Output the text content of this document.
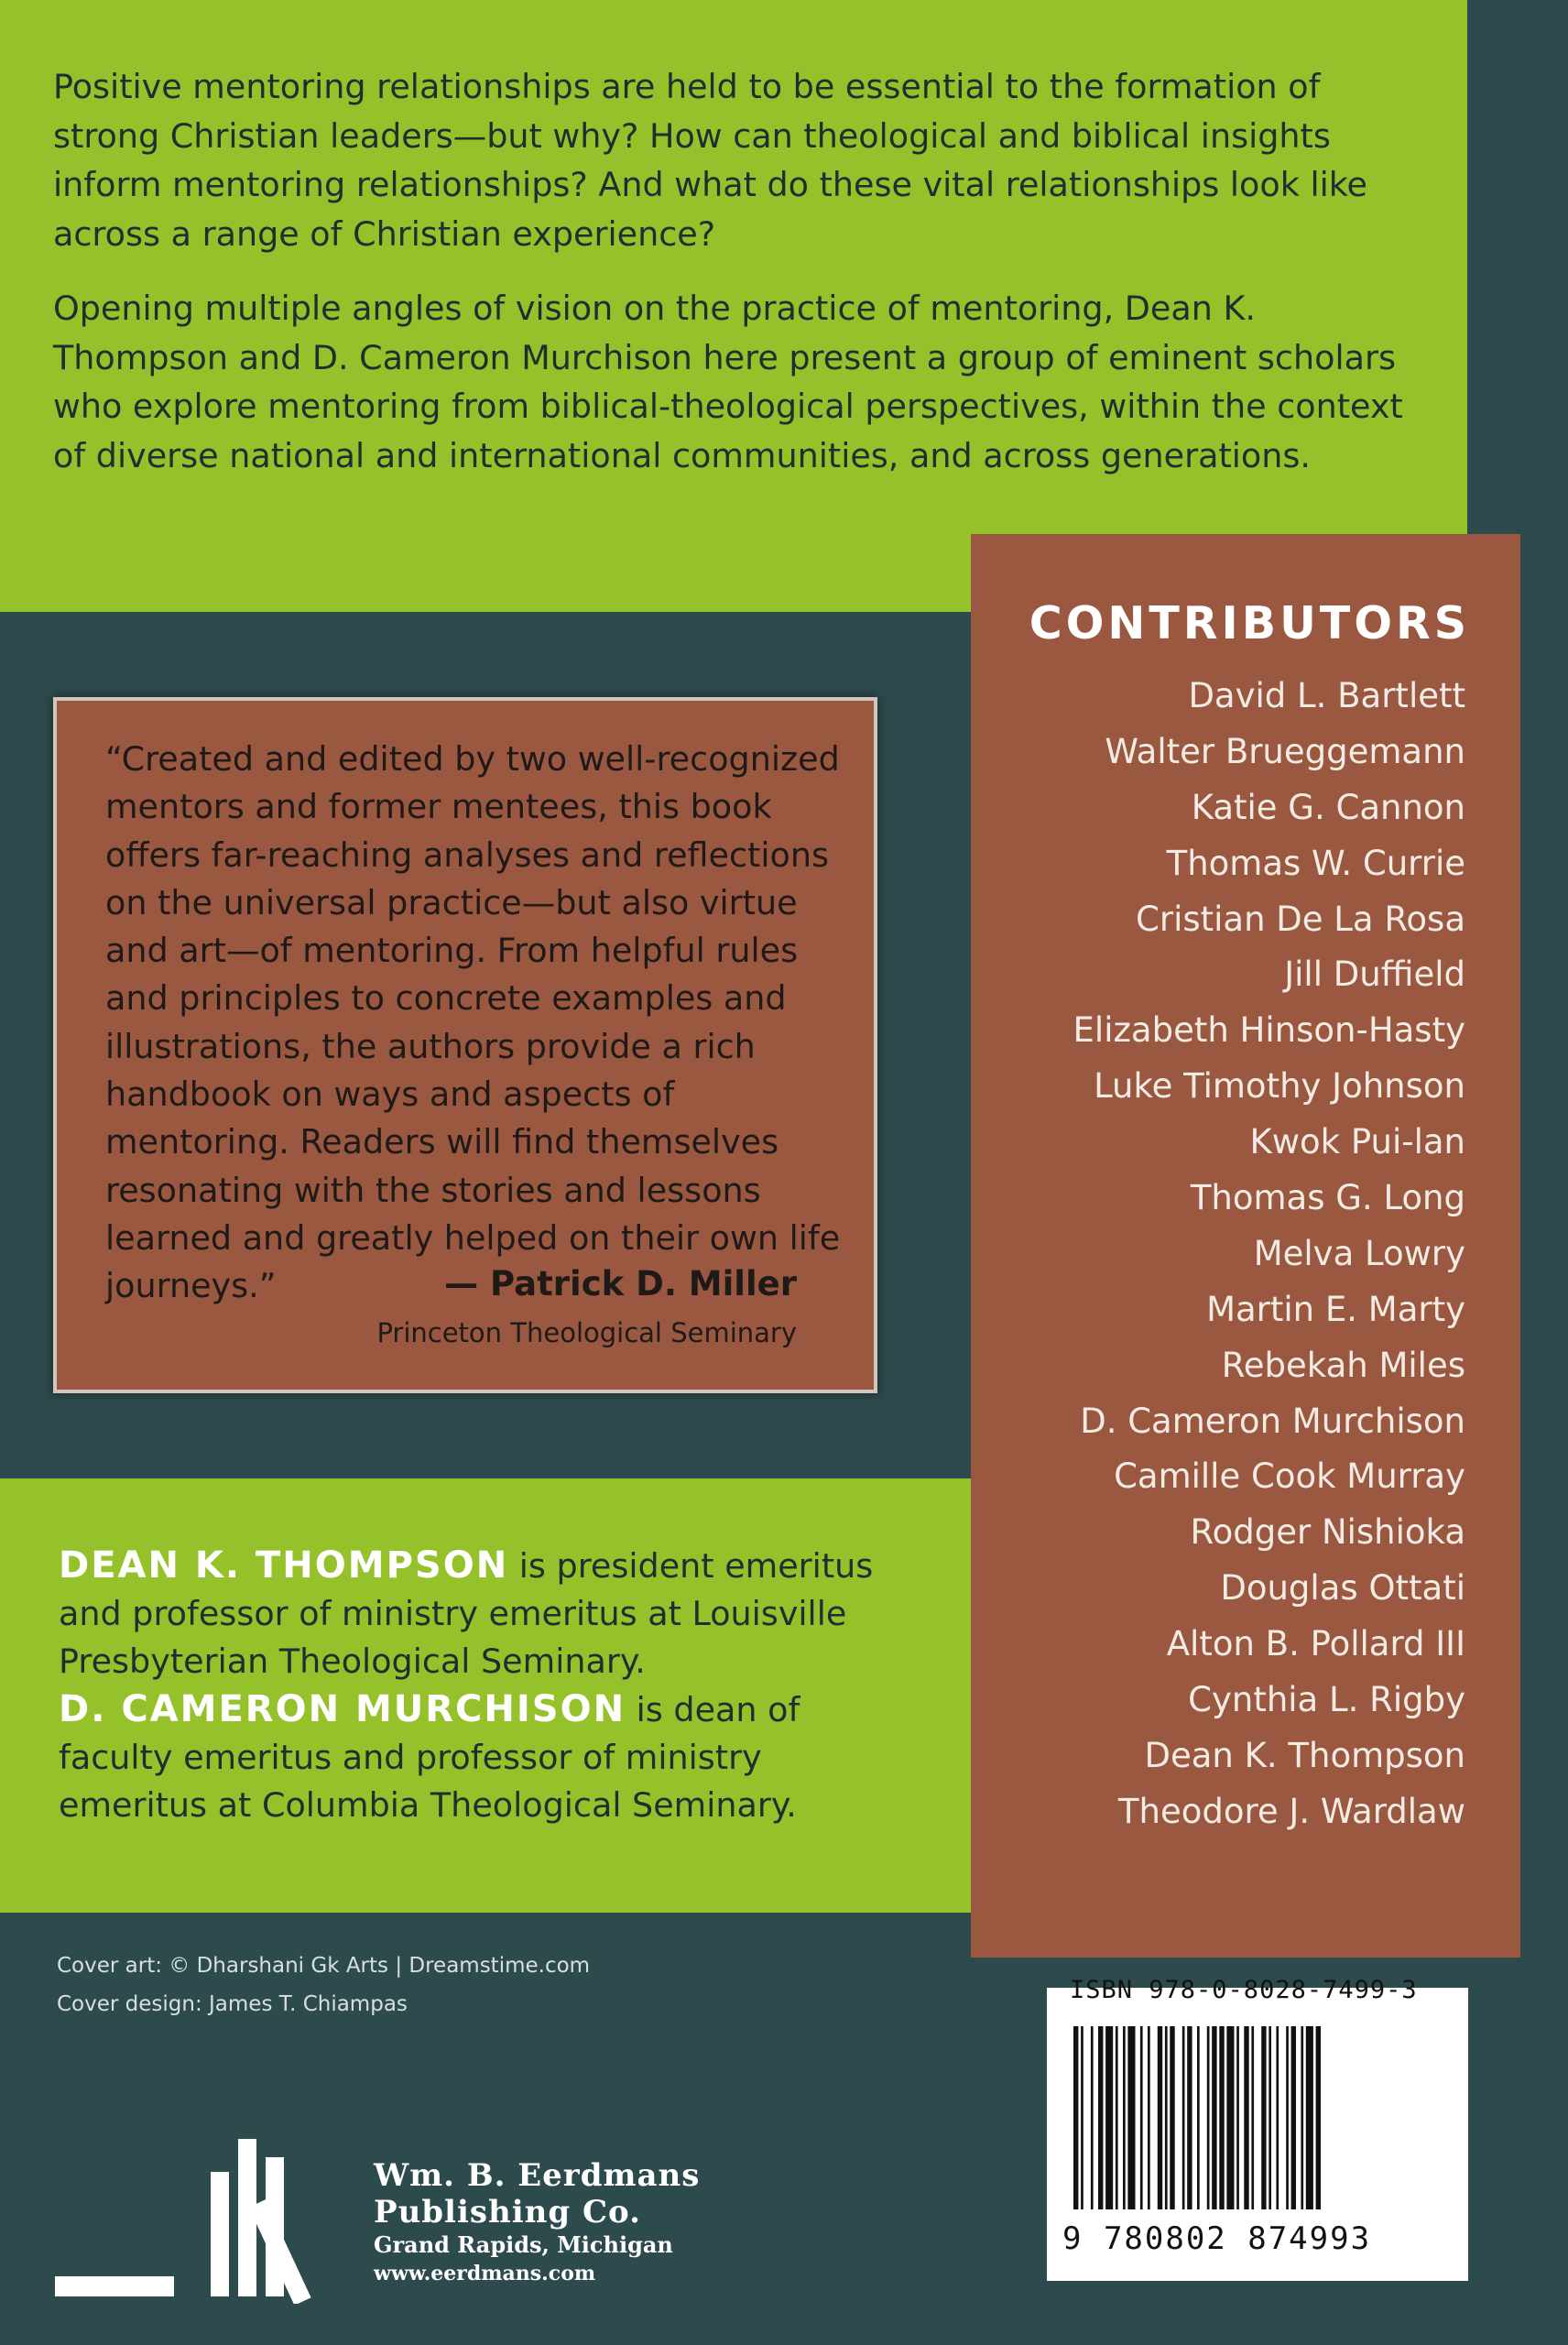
Positive mentoring relationships are held to be essential to the formation of strong Christian leaders—but why? How can theological and biblical insights inform mentoring relationships? And what do these vital relationships look like across a range of Christian experience?

Opening multiple angles of vision on the practice of mentoring, Dean K. Thompson and D. Cameron Murchison here present a group of eminent scholars who explore mentoring from biblical-theological perspectives, within the context of diverse national and international communities, and across generations.

CONTRIBUTORS
David L. Bartlett
Walter Brueggemann
Katie G. Cannon
Thomas W. Currie
Cristian De La Rosa
Jill Duffield
Elizabeth Hinson-Hasty
Luke Timothy Johnson
Kwok Pui-lan
Thomas G. Long
Melva Lowry
Martin E. Marty
Rebekah Miles
D. Cameron Murchison
Camille Cook Murray
Rodger Nishioka
Douglas Ottati
Alton B. Pollard III
Cynthia L. Rigby
Dean K. Thompson
Theodore J. Wardlaw
“Created and edited by two well-recognized mentors and former mentees, this book offers far-reaching analyses and reflections on the universal practice—but also virtue and art—of mentoring. From helpful rules and principles to concrete examples and illustrations, the authors provide a rich handbook on ways and aspects of mentoring. Readers will find themselves resonating with the stories and lessons learned and greatly helped on their own life journeys.”	— Patrick D. Miller
Princeton Theological Seminary

DEAN K. THOMPSON is president emeritus and professor of ministry emeritus at Louisville Presbyterian Theological Seminary.

D. CAMERON MURCHISON is dean of faculty emeritus and professor of ministry emeritus at Columbia Theological Seminary.

Cover art: © Dharshani Gk Arts | Dreamstime.com
Cover design: James T. Chiampas
Wm. B. Eerdmans
Publishing Co.
Grand Rapids, Michigan
www.eerdmans.com
ISBN 978-0-8028-7499-3
9 780802 874993
